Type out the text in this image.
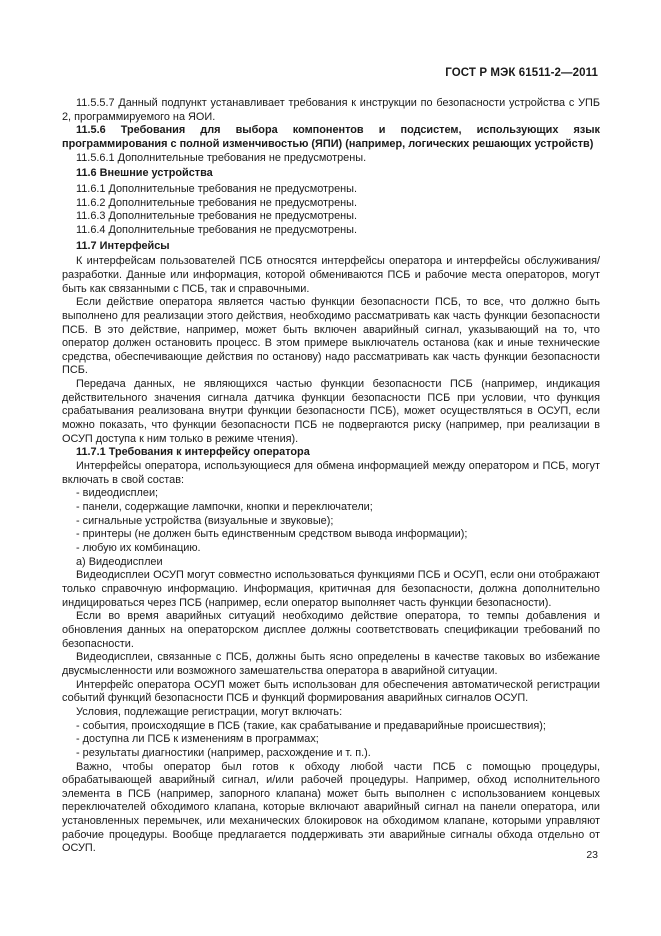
ГОСТ Р МЭК 61511-2—2011

11.5.5.7 Данный подпункт устанавливает требования к инструкции по безопасности устройства с УПБ 2, программируемого на ЯОИ.

11.5.6 Требования для выбора компонентов и подсистем, использующих язык программирования с полной изменчивостью (ЯПИ) (например, логических решающих устройств)

11.5.6.1 Дополнительные требования не предусмотрены.

11.6 Внешние устройства

11.6.1 Дополнительные требования не предусмотрены.

11.6.2 Дополнительные требования не предусмотрены.

11.6.3 Дополнительные требования не предусмотрены.

11.6.4 Дополнительные требования не предусмотрены.

11.7 Интерфейсы

К интерфейсам пользователей ПСБ относятся интерфейсы оператора и интерфейсы обслуживания/разработки. Данные или информация, которой обмениваются ПСБ и рабочие места операторов, могут быть как связанными с ПСБ, так и справочными.

Если действие оператора является частью функции безопасности ПСБ, то все, что должно быть выполнено для реализации этого действия, необходимо рассматривать как часть функции безопасности ПСБ. В это действие, например, может быть включен аварийный сигнал, указывающий на то, что оператор должен остановить процесс. В этом примере выключатель останова (как и иные технические средства, обеспечивающие действия по останову) надо рассматривать как часть функции безопасности ПСБ.

Передача данных, не являющихся частью функции безопасности ПСБ (например, индикация действительного значения сигнала датчика функции безопасности ПСБ при условии, что функция срабатывания реализована внутри функции безопасности ПСБ), может осуществляться в ОСУП, если можно показать, что функции безопасности ПСБ не подвергаются риску (например, при реализации в ОСУП доступа к ним только в режиме чтения).

11.7.1 Требования к интерфейсу оператора

Интерфейсы оператора, использующиеся для обмена информацией между оператором и ПСБ, могут включать в свой состав:

- видеодисплеи;

- панели, содержащие лампочки, кнопки и переключатели;

- сигнальные устройства (визуальные и звуковые);

- принтеры (не должен быть единственным средством вывода информации);

- любую их комбинацию.

а) Видеодисплеи

Видеодисплеи ОСУП могут совместно использоваться функциями ПСБ и ОСУП, если они отображают только справочную информацию. Информация, критичная для безопасности, должна дополнительно индицироваться через ПСБ (например, если оператор выполняет часть функции безопасности).

Если во время аварийных ситуаций необходимо действие оператора, то темпы добавления и обновления данных на операторском дисплее должны соответствовать спецификации требований по безопасности.

Видеодисплеи, связанные с ПСБ, должны быть ясно определены в качестве таковых во избежание двусмысленности или возможного замешательства оператора в аварийной ситуации.

Интерфейс оператора ОСУП может быть использован для обеспечения автоматической регистрации событий функций безопасности ПСБ и функций формирования аварийных сигналов ОСУП.

Условия, подлежащие регистрации, могут включать:

- события, происходящие в ПСБ (такие, как срабатывание и предаварийные происшествия);

- доступна ли ПСБ к изменениям в программах;

- результаты диагностики (например, расхождение и т. п.).

Важно, чтобы оператор был готов к обходу любой части ПСБ с помощью процедуры, обрабатывающей аварийный сигнал, и/или рабочей процедуры. Например, обход исполнительного элемента в ПСБ (например, запорного клапана) может быть выполнен с использованием концевых переключателей обходимого клапана, которые включают аварийный сигнал на панели оператора, или установленных перемычек, или механических блокировок на обходимом клапане, которыми управляют рабочие процедуры. Вообще предлагается поддерживать эти аварийные сигналы обхода отдельно от ОСУП.

23
